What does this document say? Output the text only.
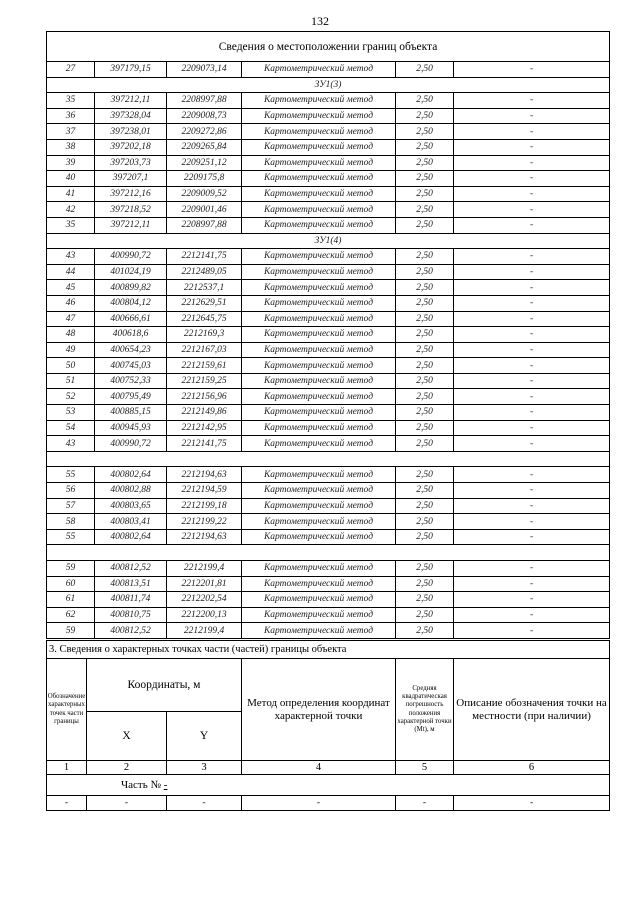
132
Сведения о местоположении границ объекта					
27	397179,15	2209073,14	Картометрический метод	2,50	-
ЗУ1(3)					
35	397212,11	2208997,88	Картометрический метод	2,50	-
36	397328,04	2209008,73	Картометрический метод	2,50	-
37	397238,01	2209272,86	Картометрический метод	2,50	-
38	397202,18	2209265,84	Картометрический метод	2,50	-
39	397203,73	2209251,12	Картометрический метод	2,50	-
40	397207,1	2209175,8	Картометрический метод	2,50	-
41	397212,16	2209009,52	Картометрический метод	2,50	-
42	397218,52	2209001,46	Картометрический метод	2,50	-
35	397212,11	2208997,88	Картометрический метод	2,50	-
ЗУ1(4)					
43	400990,72	2212141,75	Картометрический метод	2,50	-
44	401024,19	2212489,05	Картометрический метод	2,50	-
45	400899,82	2212537,1	Картометрический метод	2,50	-
46	400804,12	2212629,51	Картометрический метод	2,50	-
47	400666,61	2212645,75	Картометрический метод	2,50	-
48	400618,6	2212169,3	Картометрический метод	2,50	-
49	400654,23	2212167,03	Картометрический метод	2,50	-
50	400745,03	2212159,61	Картометрический метод	2,50	-
51	400752,33	2212159,25	Картометрический метод	2,50	-
52	400795,49	2212156,96	Картометрический метод	2,50	-
53	400885,15	2212149,86	Картометрический метод	2,50	-
54	400945,93	2212142,95	Картометрический метод	2,50	-
43	400990,72	2212141,75	Картометрический метод	2,50	-

55	400802,64	2212194,63	Картометрический метод	2,50	-
56	400802,88	2212194,59	Картометрический метод	2,50	-
57	400803,65	2212199,18	Картометрический метод	2,50	-
58	400803,41	2212199,22	Картометрический метод	2,50	-
55	400802,64	2212194,63	Картометрический метод	2,50	-

59	400812,52	2212199,4	Картометрический метод	2,50	-
60	400813,51	2212201,81	Картометрический метод	2,50	-
61	400811,74	2212202,54	Картометрический метод	2,50	-
62	400810,75	2212200,13	Картометрический метод	2,50	-
59	400812,52	2212199,4	Картометрический метод	2,50	-
3. Сведения о характерных точках части (частей) границы объекта					

Обозначение характерных точек части границы	Координаты, м		Метод определения координат характерной точки	Средняя квадратическая погрешность положения характерной точки (Mt), м	Описание обозначения точки на местности (при наличии)

	X	Y			
1	2	3	4	5	6
Часть № -					
-	-	-	-	-	-
